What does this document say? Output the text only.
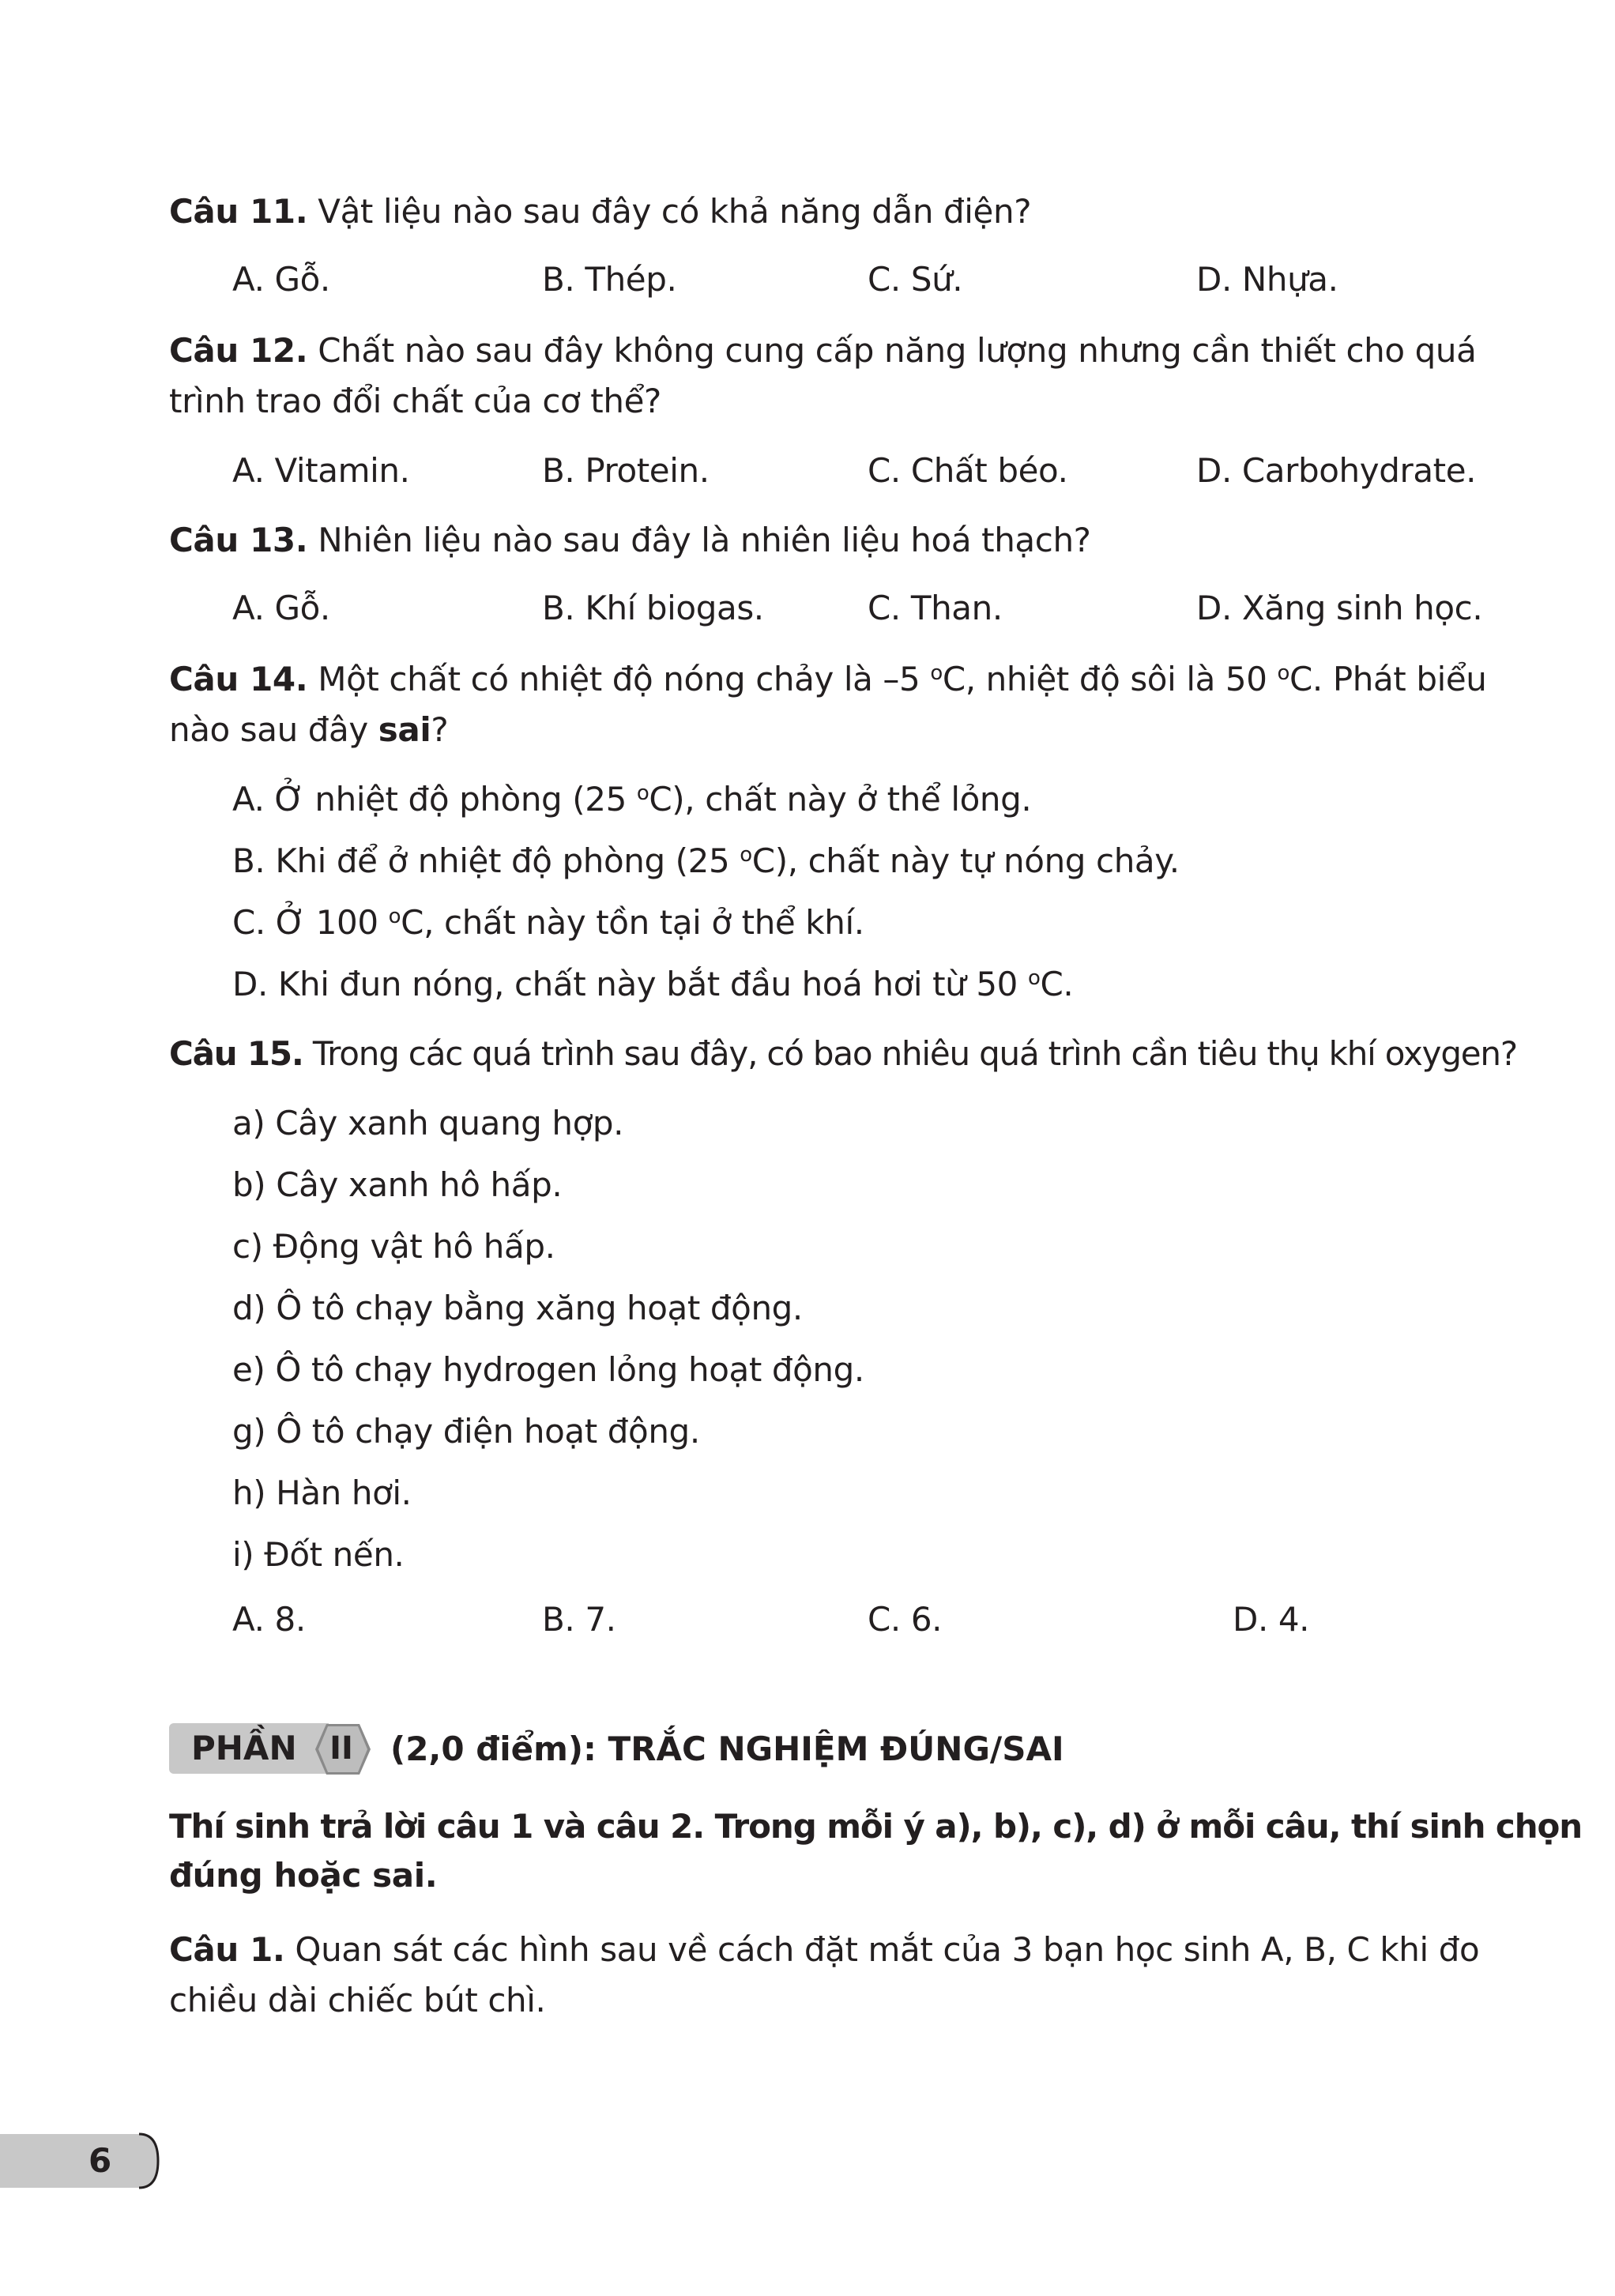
Câu 11. Vật liệu nào sau đây có khả năng dẫn điện?
A. Gỗ.	B. Thép.	C. Sứ.	D. Nhựa.
Câu 12. Chất nào sau đây không cung cấp năng lượng nhưng cần thiết cho quá
trình trao đổi chất của cơ thể?
A. Vitamin.	B. Protein.	C. Chất béo.	D. Carbohydrate.
Câu 13. Nhiên liệu nào sau đây là nhiên liệu hoá thạch?
A. Gỗ.	B. Khí biogas.	C. Than.	D. Xăng sinh học.
Câu 14. Một chất có nhiệt độ nóng chảy là –5 $^o$C, nhiệt độ sôi là 50 $^o$C. Phát biểu
nào sau đây sai?
A. Ở nhiệt độ phòng (25 $^o$C), chất này ở thể lỏng.
B. Khi để ở nhiệt độ phòng (25 $^o$C), chất này tự nóng chảy.
C. Ở 100 $^o$C, chất này tồn tại ở thể khí.
D. Khi đun nóng, chất này bắt đầu hoá hơi từ 50 $^o$C.
Câu 15. Trong các quá trình sau đây, có bao nhiêu quá trình cần tiêu thụ khí oxygen?
a) Cây xanh quang hợp.
b) Cây xanh hô hấp.
c) Động vật hô hấp.
d) Ô tô chạy bằng xăng hoạt động.
e) Ô tô chạy hydrogen lỏng hoạt động.
g) Ô tô chạy điện hoạt động.
h) Hàn hơi.
i) Đốt nến.
A. 8.	B. 7.	C. 6.	D. 4.
PHẦN	II	(2,0 điểm): TRẮC NGHIỆM ĐÚNG/SAI
Thí sinh trả lời câu 1 và câu 2. Trong mỗi ý a), b), c), d) ở mỗi câu, thí sinh chọn
đúng hoặc sai.
Câu 1. Quan sát các hình sau về cách đặt mắt của 3 bạn học sinh A, B, C khi đo
chiều dài chiếc bút chì.
6
